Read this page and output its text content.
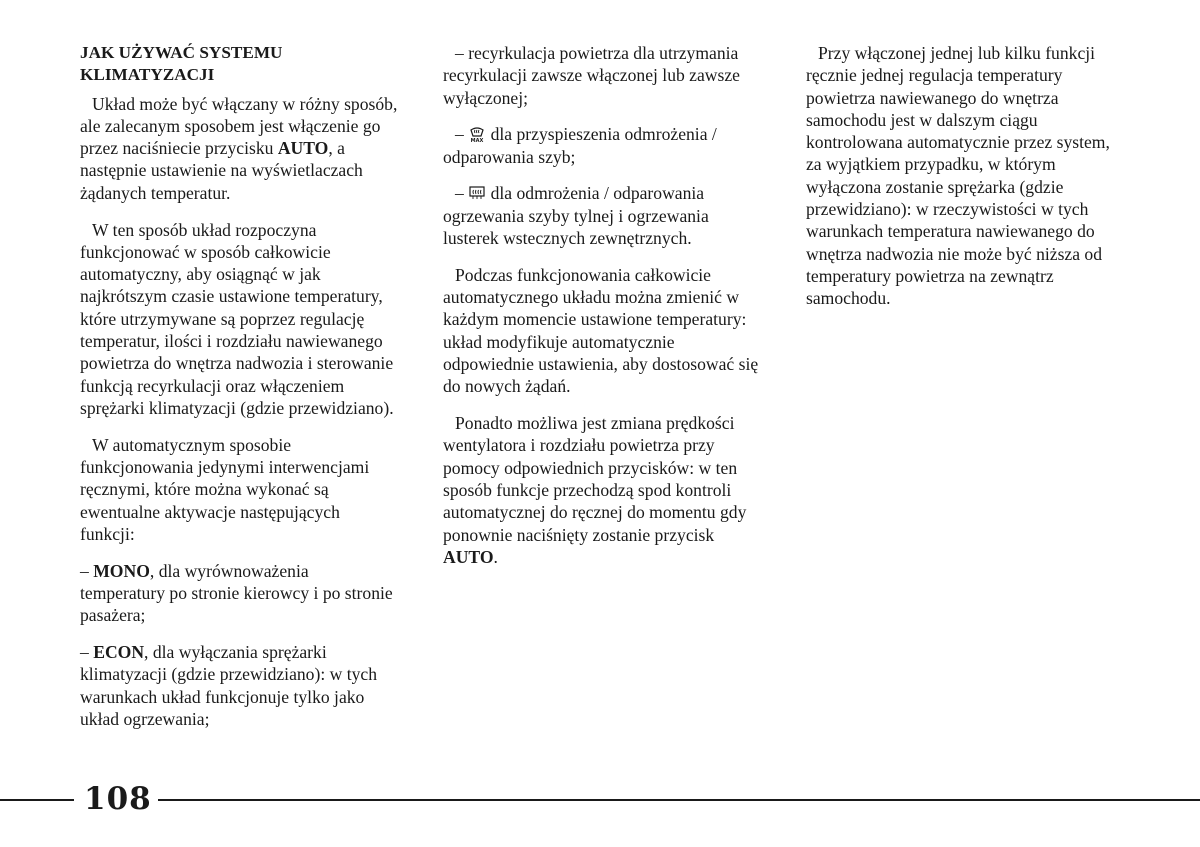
JAK UŻYWAĆ SYSTEMU
KLIMATYZACJI

Układ może być włączany w różny sposób, ale zalecanym sposobem jest włączenie go przez naciśniecie przycisku AUTO, a następnie ustawienie na wyświetlaczach żądanych temperatur.

W ten sposób układ rozpoczyna funkcjonować w sposób całkowicie automatyczny, aby osiągnąć w jak najkrótszym czasie ustawione temperatury, które utrzymywane są poprzez regulację temperatur, ilości i rozdziału nawiewanego powietrza do wnętrza nadwozia i sterowanie funkcją recyrkulacji oraz włączeniem sprężarki klimatyzacji (gdzie przewidziano).

W automatycznym sposobie funkcjonowania jedynymi interwencjami ręcznymi, które można wykonać są ewentualne aktywacje następujących funkcji:

– MONO, dla wyrównoważenia temperatury po stronie kierowcy i po stronie pasażera;

– ECON, dla wyłączania sprężarki klimatyzacji (gdzie przewidziano): w tych warunkach układ funkcjonuje tylko jako układ ogrzewania;

– recyrkulacja powietrza dla utrzymania recyrkulacji zawsze włączonej lub zawsze wyłączonej;

– MAX dla przyspieszenia odmrożenia / odparowania szyb;

–  dla odmrożenia / odparowania ogrzewania szyby tylnej i ogrzewania lusterek wstecznych zewnętrznych.

Podczas funkcjonowania całkowicie automatycznego układu można zmienić w każdym momencie ustawione temperatury: układ modyfikuje automatycznie odpowiednie ustawienia, aby dostosować się do nowych żądań.

Ponadto możliwa jest zmiana prędkości wentylatora i rozdziału powietrza przy pomocy odpowiednich przycisków: w ten sposób funkcje przechodzą spod kontroli automatycznej do ręcznej do momentu gdy ponownie naciśnięty zostanie przycisk AUTO.

Przy włączonej jednej lub kilku funkcji ręcznie jednej regulacja temperatury powietrza nawiewanego do wnętrza samochodu jest w dalszym ciągu kontrolowana automatycznie przez system, za wyjątkiem przypadku, w którym wyłączona zostanie sprężarka (gdzie przewidziano): w rzeczywistości w tych warunkach temperatura nawiewanego do wnętrza nadwozia nie może być niższa od temperatury powietrza na zewnątrz samochodu.

108
